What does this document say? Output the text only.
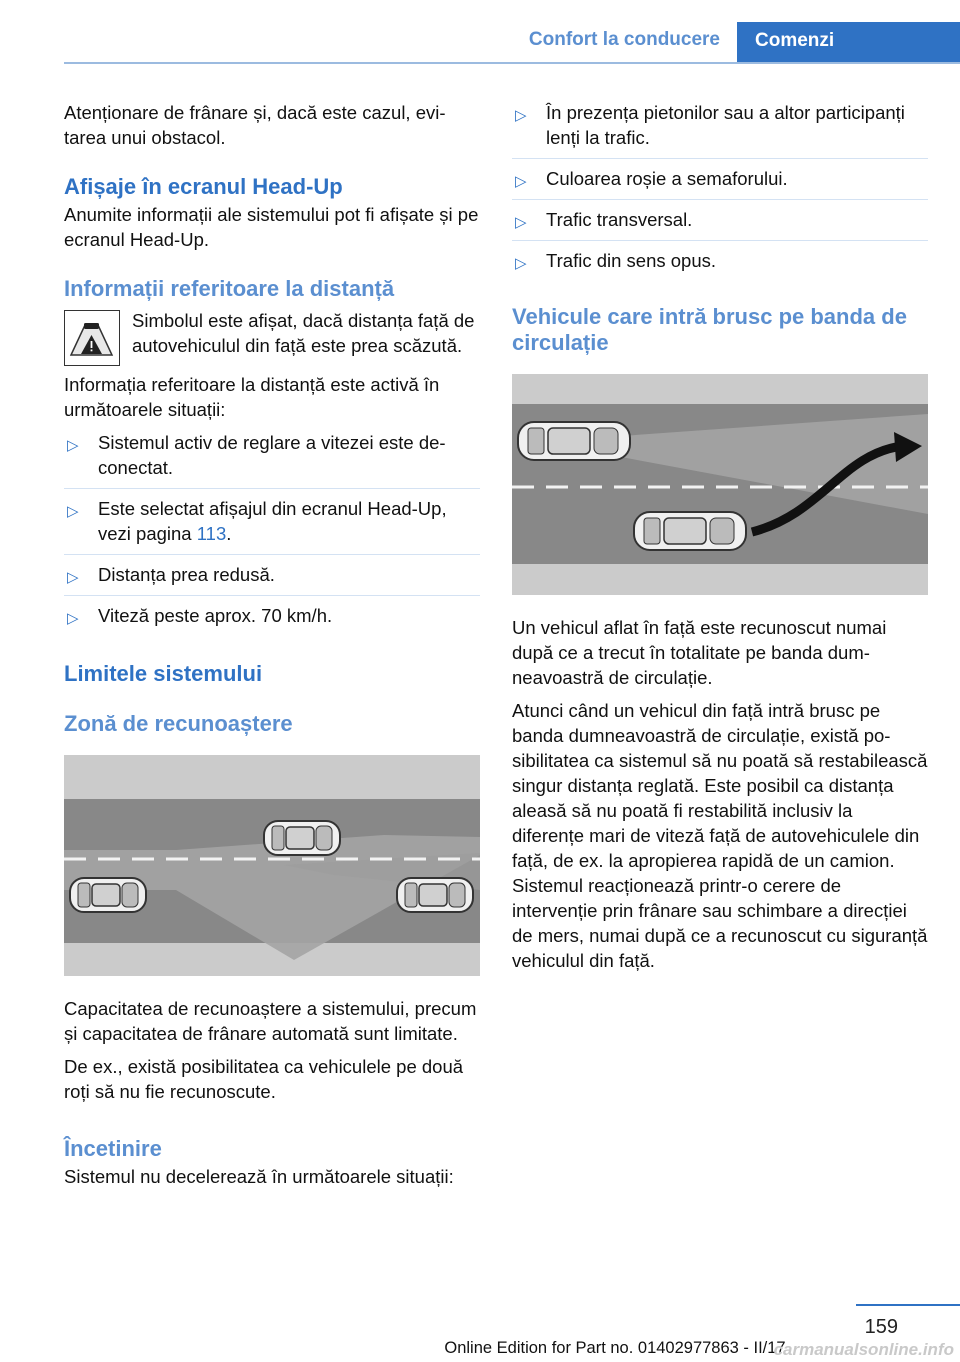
Confort la conducere	Comenzi

Atenționare de frânare și, dacă este cazul, evitarea unui obstacol.

Afișaje în ecranul Head-Up

Anumite informații ale sistemului pot fi afișate și pe ecranul Head-Up.

Informații referitoare la distanță

Simbolul este afișat, dacă distanța față de autovehiculul din față este prea scăzută.

Informația referitoare la distanță este activă în următoarele situații:

▷ Sistemul activ de reglare a vitezei este deconectat.
▷ Este selectat afișajul din ecranul Head-Up, vezi pagina 113.
▷ Distanța prea redusă.
▷ Viteză peste aprox. 70 km/h.
Limitele sistemului
Zonă de recunoaștere

Capacitatea de recunoaștere a sistemului, precum și capacitatea de frânare automată sunt limitate.

De ex., există posibilitatea ca vehiculele pe două roți să nu fie recunoscute.

Încetinire

Sistemul nu decelerează în următoarele situații:

▷ În prezența pietonilor sau a altor participanți lenți la trafic.
▷ Culoarea roșie a semaforului.
▷ Trafic transversal.
▷ Trafic din sens opus.
Vehicule care intră brusc pe banda de circulație

Un vehicul aflat în față este recunoscut numai după ce a trecut în totalitate pe banda dumneavoastră de circulație.

Atunci când un vehicul din față intră brusc pe banda dumneavoastră de circulație, există posibilitatea ca sistemul să nu poată să restabilească singur distanța reglată. Este posibil ca distanța aleasă să nu poată fi restabilită inclusiv la diferențe mari de viteză față de autovehiculele din față, de ex. la apropierea rapidă de un camion. Sistemul reacționează printr-o cerere de intervenție prin frânare sau schimbare a direcției de mers, numai după ce a recunoscut cu siguranță vehiculul din față.

159
Online Edition for Part no. 01402977863 - II/17
carmanualsonline.info
